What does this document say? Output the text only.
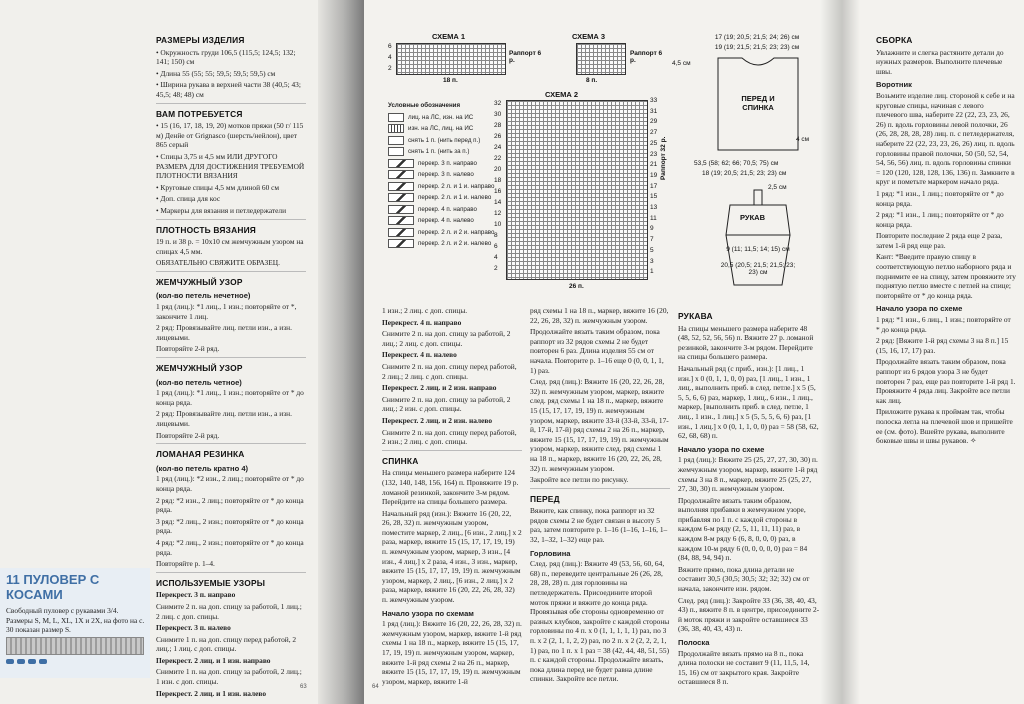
РАЗМЕРЫ ИЗДЕЛИЯ

• Окружность груди 106,5 (115,5; 124,5; 132; 141; 150) см

• Длина 55 (55; 55; 59,5; 59,5; 59,5) см

• Ширина рукава в верхней части 38 (40,5; 43; 45,5; 48; 48) см

ВАМ ПОТРЕБУЕТСЯ

• 15 (16, 17, 18, 19, 20) мотков пряжи (50 г/ 115 м) Денйе от Grignasco (шерсть/нейлон), цвет 865 серый

• Спицы 3,75 и 4,5 мм ИЛИ ДРУГОГО РАЗМЕРА ДЛЯ ДОСТИЖЕНИЯ ТРЕБУЕМОЙ ПЛОТНОСТИ ВЯЗАНИЯ

• Круговые спицы 4,5 мм длиной 60 см

• Доп. спица для кос

• Маркеры для вязания и петледержатели

ПЛОТНОСТЬ ВЯЗАНИЯ

19 п. и 38 р. = 10x10 см жемчужным узором на спицах 4,5 мм.

ОБЯЗАТЕЛЬНО СВЯЖИТЕ ОБРАЗЕЦ.

ЖЕМЧУЖНЫЙ УЗОР
(кол-во петель нечетное)

1 ряд (лиц.): *1 лиц., 1 изн.; повторяйте от *, закончите 1 лиц.

2 ряд: Провязывайте лиц. петли изн., а изн. лицевыми.

Повторяйте 2-й ряд.

ЖЕМЧУЖНЫЙ УЗОР
(кол-во петель четное)

1 ряд (лиц.): *1 лиц., 1 изн.; повторяйте от * до конца ряда.

2 ряд: Провязывайте лиц. петли изн., а изн. лицевыми.

Повторяйте 2-й ряд.

ЛОМАНАЯ РЕЗИНКА
(кол-во петель кратно 4)

1 ряд (лиц.): *2 изн., 2 лиц.; повторяйте от * до конца ряда.

2 ряд: *2 изн., 2 лиц.; повторяйте от * до конца ряда.

3 ряд: *2 лиц., 2 изн.; повторяйте от * до конца ряда.

4 ряд: *2 лиц., 2 изн.; повторяйте от * до конца ряда.

Повторяйте р. 1–4.

ИСПОЛЬЗУЕМЫЕ УЗОРЫ

Перекрест. 3 п. направо

Снимите 2 п. на доп. спицу за работой, 1 лиц.; 2 лиц. с доп. спицы.

Перекрест. 3 п. налево

Снимите 1 п. на доп. спицу перед работой, 2 лиц.; 1 лиц. с доп. спицы.

Перекрест. 2 лиц. и 1 изн. направо

Снимите 1 п. на доп. спицу за работой, 2 лиц.; 1 изн. с доп. спицы.

Перекрест. 2 лиц. и 1 изн. налево

11 ПУЛОВЕР С КОСАМИ
Свободный пуловер с рукавами 3/4. Размеры S, M, L, XL, 1X и 2X, на фото на с. 30 показан размер S.
63
СХЕМА 1
6
4
2
18 п.
Раппорт 6 р.
СХЕМА 3
8 п.
Раппорт 6 р.
СХЕМА 2
32
30
28
26
24
22
20
18
16
14
12
10
8
6
4
2
33
31
29
27
25
23
21
19
17
15
13
11
9
7
5
3
1
26 п.
Раппорт 32 р.
Условные обозначения
лиц. на ЛС, изн. на ИС
изн. на ЛС, лиц. на ИС
снять 1 п. (нить перед п.)
снять 1 п. (нить за п.)
перекр. 3 п. направо
перекр. 3 п. налево
перекр. 2 л. и 1 и. направо
перекр. 2 л. и 1 и. налево
перекр. 4 п. направо
перекр. 4 п. налево
перекр. 2 л. и 2 и. направо
перекр. 2 л. и 2 и. налево
17 (19; 20,5; 21,5; 24; 26) см
19 (19; 21,5; 21,5; 23; 23) см
4,5 см
ПЕРЕД И СПИНКА
53,5 (58; 62; 66; 70,5; 75) см
4 см
18 (19; 20,5; 21,5; 23; 23) см
2,5 см
РУКАВ
9 (11; 11,5; 14; 15) см
20,5 (20,5; 21,5; 21,5; 23; 23) см

1 изн.; 2 лиц. с доп. спицы.

Перекрест. 4 п. направо

Снимите 2 п. на доп. спицу за работой, 2 лиц.; 2 лиц. с доп. спицы.

Перекрест. 4 п. налево

Снимите 2 п. на доп. спицу перед работой, 2 лиц.; 2 лиц. с доп. спицы.

Перекрест. 2 лиц. и 2 изн. направо

Снимите 2 п. на доп. спицу за работой, 2 лиц.; 2 изн. с доп. спицы.

Перекрест. 2 лиц. и 2 изн. налево

Снимите 2 п. на доп. спицу перед работой, 2 изн.; 2 лиц. с доп. спицы.

СПИНКА

На спицы меньшего размера наберите 124 (132, 140, 148, 156, 164) п. Провяжите 19 р. ломаной резинкой, закончите 3-м рядом. Перейдите на спицы большего размера.

Начальный ряд (изн.): Вяжите 16 (20, 22, 26, 28, 32) п. жемчужным узором, поместите маркер, 2 лиц., [6 изн., 2 лиц.] х 2 раза, маркер, вяжите 15 (15, 17, 17, 19, 19) п. жемчужным узором, маркер, 3 изн., [4 изн., 4 лиц.] х 2 раза, 4 изн., 3 изн., маркер, вяжите 15 (15, 17, 17, 19, 19) п. жемчужным узором, маркер, 2 лиц., [6 изн., 2 лиц.] х 2 раза, маркер, вяжите 16 (20, 22, 26, 28, 32) п. жемчужным узором.

Начало узора по схемам

1 ряд (лиц.): Вяжите 16 (20, 22, 26, 28, 32) п. жемчужным узором, маркер, вяжите 1-й ряд схемы 1 на 18 п., маркер, вяжите 15 (15, 17, 17, 19, 19) п. жемчужным узором, маркер, вяжите 1-й ряд схемы 2 на 26 п., маркер, вяжите 15 (15, 17, 17, 19, 19) п. жемчужным узором, маркер, вяжите 1-й

ряд схемы 1 на 18 п., маркер, вяжите 16 (20, 22, 26, 28, 32) п. жемчужным узором.

Продолжайте вязать таким образом, пока раппорт из 32 рядов схемы 2 не будет повторен 6 раз. Длина изделия 55 см от начала. Повторите р. 1–16 еще 0 (0, 0, 1, 1, 1) раз.

След. ряд (лиц.): Вяжите 16 (20, 22, 26, 28, 32) п. жемчужным узором, маркер, вяжите след. ряд схемы 1 на 18 п., маркер, вяжите 15 (15, 17, 17, 19, 19) п. жемчужным узором, маркер, вяжите 33-й (33-й, 33-й, 17-й, 17-й, 17-й) ряд схемы 2 на 26 п., маркер, вяжите 15 (15, 17, 17, 19, 19) п. жемчужным узором, маркер, вяжите след. ряд схемы 1 на 18 п., маркер, вяжите 16 (20, 22, 26, 28, 32) п. жемчужным узором.

Закройте все петли по рисунку.

ПЕРЕД

Вяжите, как спинку, пока раппорт из 32 рядов схемы 2 не будет связан в высоту 5 раз, затем повторите р. 1–16 (1–16, 1–16, 1–32, 1–32, 1–32) еще раз.

Горловина

След. ряд (лиц.): Вяжите 49 (53, 56, 60, 64, 68) п., переведите центральные 26 (26, 28, 28, 28, 28) п. для горловины на петледержатель. Присоедините второй моток пряжи и вяжите до конца ряда. Провязывая обе стороны одновременно от разных клубков, закройте с каждой стороны горловины по 4 п. х 0 (1, 1, 1, 1, 1) раз, по 3 п. х 2 (2, 1, 1, 2, 2) раз, по 2 п. х 2 (2, 2, 2, 1, 1) раз, по 1 п. х 1 раз = 38 (42, 44, 48, 51, 55) п. с каждой стороны. Продолжайте вязать, пока длина перед не будет равна длине спинки. Закройте все петли.

РУКАВА

На спицы меньшего размера наберите 48 (48, 52, 52, 56, 56) п. Вяжите 27 р. ломаной резинкой, закончите 3-м рядом. Перейдите на спицы большего размера.

Начальный ряд (с приб., изн.): [1 лиц., 1 изн.] х 0 (0, 1, 1, 0, 0) раз, [1 лиц., 1 изн., 1 лиц., выполнить приб. в след. петле.] х 5 (5, 5, 5, 6, 6) раз, маркер, 1 лиц., 6 изн., 1 лиц., маркер, [выполнить приб. в след. петле, 1 лиц., 1 изн., 1 лиц.] х 5 (5, 5, 5, 6, 6) раз, [1 изн., 1 лиц.] х 0 (0, 1, 1, 0, 0) раз = 58 (58, 62, 62, 68, 68) п.

Начало узора по схеме

1 ряд (лиц.): Вяжите 25 (25, 27, 27, 30, 30) п. жемчужным узором, маркер, вяжите 1-й ряд схемы 3 на 8 п., маркер, вяжите 25 (25, 27, 27, 30, 30) п. жемчужным узором.

Продолжайте вязать таким образом, выполняя прибавки в жемчужном узоре, прибавляя по 1 п. с каждой стороны в каждом 6-м ряду (2, 5, 11, 11, 11) раз, в каждом 8-м ряду 6 (6, 8, 0, 0, 0) раз, в каждом 10-м ряду 6 (0, 0, 0, 0, 0) раз = 84 (84, 88, 94, 94) п.

Вяжите прямо, пока длина детали не составит 30,5 (30,5; 30,5; 32; 32; 32) см от начала, закончите изн. рядом.

След. ряд (лиц.): Закройте 33 (36, 38, 40, 43, 43) п., вяжите 8 п. в центре, присоедините 2-й моток пряжи и закройте оставшиеся 33 (36, 38, 40, 43, 43) п.

Полоска

Продолжайте вязать прямо на 8 п., пока длина полоски не составит 9 (11, 11,5, 14, 15, 16) см от закрытого края. Закройте оставшиеся 8 п.

СБОРКА

Увлажните и слегка растяните детали до нужных размеров. Выполните плечевые швы.

Воротник

Возьмите изделие лиц. стороной к себе и на круговые спицы, начиная с левого плечевого шва, наберите 22 (22, 23, 23, 26, 26) п. вдоль горловины левой полочки, 26 (26, 28, 28, 28, 28) лиц. п. с петледержателя, наберите 22 (22, 23, 23, 26, 26) лиц. п. вдоль горловины правой полочки, 50 (50, 52, 54, 54, 56, 56) лиц. п. вдоль горловины спинки = 120 (120, 128, 128, 136, 136) п. Замкните в круг и пометьте маркером начало ряда.

1 ряд: *1 изн., 1 лиц.; повторяйте от * до конца ряда.

2 ряд: *1 изн., 1 лиц.; повторяйте от * до конца ряда.

Повторите последние 2 ряда еще 2 раза, затем 1-й ряд еще раз.

Кант: *Введите правую спицу в соответствующую петлю наборного ряда и поднимите ее на спицу, затем провяжите эту поднятую петлю вместе с петлей на спице; повторяйте от * до конца ряда.

Начало узора по схеме

1 ряд: *1 изн., 6 лиц., 1 изн.; повторяйте от * до конца ряда.

2 ряд: [Вяжите 1-й ряд схемы 3 на 8 п.] 15 (15, 16, 17, 17) раз.

Продолжайте вязать таким образом, пока раппорт из 6 рядов узора 3 не будет повторен 7 раз, еще раз повторите 1-й ряд 1. Провяжите 4 ряда лиц. Закройте все петли как лиц.

Приложите рукава к проймам так, чтобы полоска легла на плечевой шов и пришейте ее (см. фото). Вшейте рукава, выполните боковые швы и швы рукавов. ✧

64
